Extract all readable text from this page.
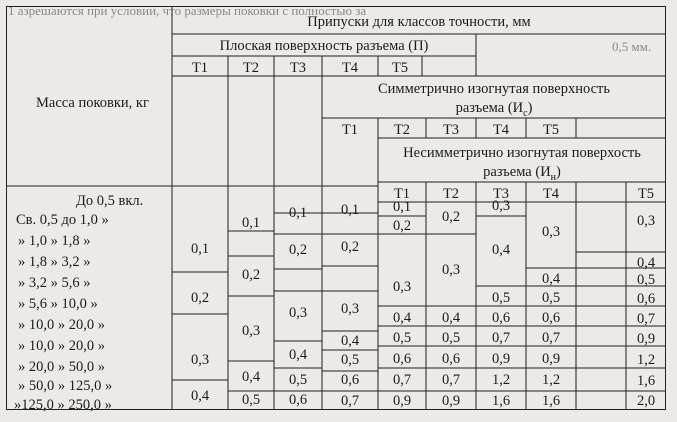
1 азрешаются при условии, что размеры поковки с полностью за
0,5 мм.
Припуски для классов точности, мм
Масса поковки, кг
Плоская поверхность разъема (П)
Симметрично изогнутая поверхность
разъема $(И_с)$
Несимметрично изогнутая поверхость
разъема $(И_н)$
Т1 Т2 Т3 Т4 Т5
Т1 Т2 Т3 Т4 Т5
Т1 Т2 Т3 Т4	Т5
До 0,5 вкл.
Св. 0,5 до 1,0 »
» 1,0 » 1,8 »
» 1,8 » 3,2 »
» 3,2 » 5,6 »
» 5,6 » 10,0 »
» 10,0 » 20,0 »
» 10,0 » 20,0 »
» 20,0 » 50,0 »
» 50,0 » 125,0 »
»125,0 » 250,0 »
0,1
0,2
0,3
0,4
0,1
0,2
0,3
0,4
0,5
0,1
0,2
0,3
0,4
0,5
0,6
0,1
0,2
0,3
0,4
0,5
0,6
0,7
0,1
0,2
0,3
0,4
0,5
0,6
0,7
0,9
0,2
0,3
0,4
0,5
0,6
0,7
0,9
0,3
0,4
0,5
0,6
0,7
0,9
1,2
1,6
0,3
0,4
0,5
0,6
0,7
0,9
1,2
1,6
0,3
0,4
0,5
0,6
0,7
0,9
1,2
1,6
2,0
